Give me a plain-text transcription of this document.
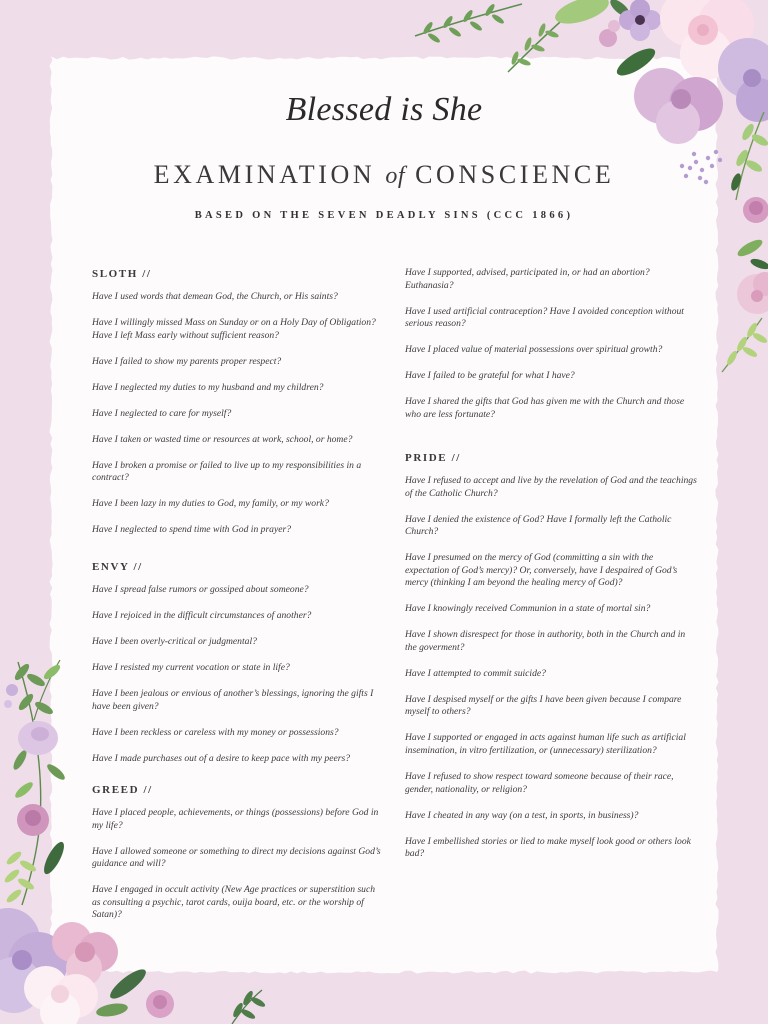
Blessed is She
EXAMINATION of CONSCIENCE
BASED ON THE SEVEN DEADLY SINS (CCC 1866)
SLOTH //

Have I used words that demean God, the Church, or His saints?

Have I willingly missed Mass on Sunday or on a Holy Day of Obligation? Have I left Mass early without sufficient reason?

Have I failed to show my parents proper respect?

Have I neglected my duties to my husband and my children?

Have I neglected to care for myself?

Have I taken or wasted time or resources at work, school, or home?

Have I broken a promise or failed to live up to my responsibilities in a contract?

Have I been lazy in my duties to God, my family, or my work?

Have I neglected to spend time with God in prayer?

ENVY //

Have I spread false rumors or gossiped about someone?

Have I rejoiced in the difficult circumstances of another?

Have I been overly-critical or judgmental?

Have I resisted my current vocation or state in life?

Have I been jealous or envious of another’s blessings, ignoring the gifts I have been given?

Have I been reckless or careless with my money or possessions?

Have I made purchases out of a desire to keep pace with my peers?

GREED //

Have I placed people, achievements, or things (possessions) before God in my life?

Have I allowed someone or something to direct my decisions against God’s guidance and will?

Have I engaged in occult activity (New Age practices or superstition such as consulting a psychic, tarot cards, ouija board, etc. or the worship of Satan)?

Have I supported, advised, participated in, or had an abortion? Euthanasia?

Have I used artificial contraception? Have I avoided conception without serious reason?

Have I placed value of material possessions over spiritual growth?

Have I failed to be grateful for what I have?

Have I shared the gifts that God has given me with the Church and those who are less fortunate?

PRIDE //

Have I refused to accept and live by the revelation of God and the teachings of the Catholic Church?

Have I denied the existence of God? Have I formally left the Catholic Church?

Have I presumed on the mercy of God (committing a sin with the expectation of God’s mercy)? Or, conversely, have I despaired of God’s mercy (thinking I am beyond the healing mercy of God)?

Have I knowingly received Communion in a state of mortal sin?

Have I shown disrespect for those in authority, both in the Church and in the goverment?

Have I attempted to commit suicide?

Have I despised myself or the gifts I have been given because I compare myself to others?

Have I supported or engaged in acts against human life such as artificial insemination, in vitro fertilization, or (unnecessary) sterilization?

Have I refused to show respect toward someone because of their race, gender, nationality, or religion?

Have I cheated in any way (on a test, in sports, in business)?

Have I embellished stories or lied to make myself look good or others look bad?
